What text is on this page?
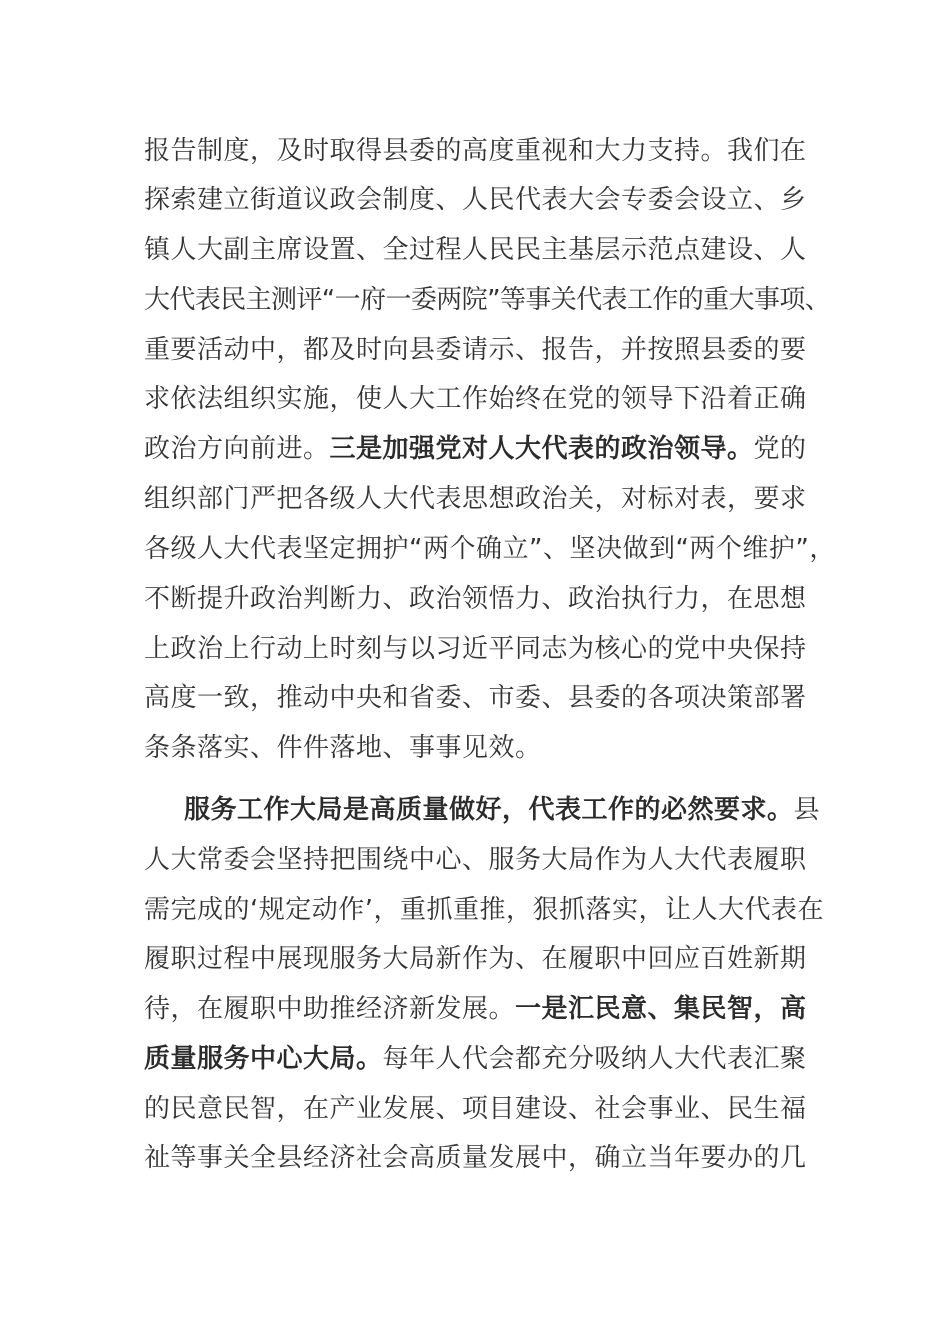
报告制度，及时取得县委的高度重视和大力支持。我们在
探索建立街道议政会制度、人民代表大会专委会设立、乡
镇人大副主席设置、全过程人民民主基层示范点建设、人
大代表民主测评“一府一委两院”等事关代表工作的重大事项、
重要活动中，都及时向县委请示、报告，并按照县委的要
求依法组织实施，使人大工作始终在党的领导下沿着正确
政治方向前进。三是加强党对人大代表的政治领导。党的
组织部门严把各级人大代表思想政治关，对标对表，要求
各级人大代表坚定拥护“两个确立”、坚决做到“两个维护”，
不断提升政治判断力、政治领悟力、政治执行力，在思想
上政治上行动上时刻与以习近平同志为核心的党中央保持
高度一致，推动中央和省委、市委、县委的各项决策部署
条条落实、件件落地、事事见效。
服务工作大局是高质量做好，代表工作的必然要求。县
人大常委会坚持把围绕中心、服务大局作为人大代表履职
需完成的‘规定动作’，重抓重推，狠抓落实，让人大代表在
履职过程中展现服务大局新作为、在履职中回应百姓新期
待，在履职中助推经济新发展。一是汇民意、集民智，高
质量服务中心大局。每年人代会都充分吸纳人大代表汇聚
的民意民智，在产业发展、项目建设、社会事业、民生福
祉等事关全县经济社会高质量发展中，确立当年要办的几
